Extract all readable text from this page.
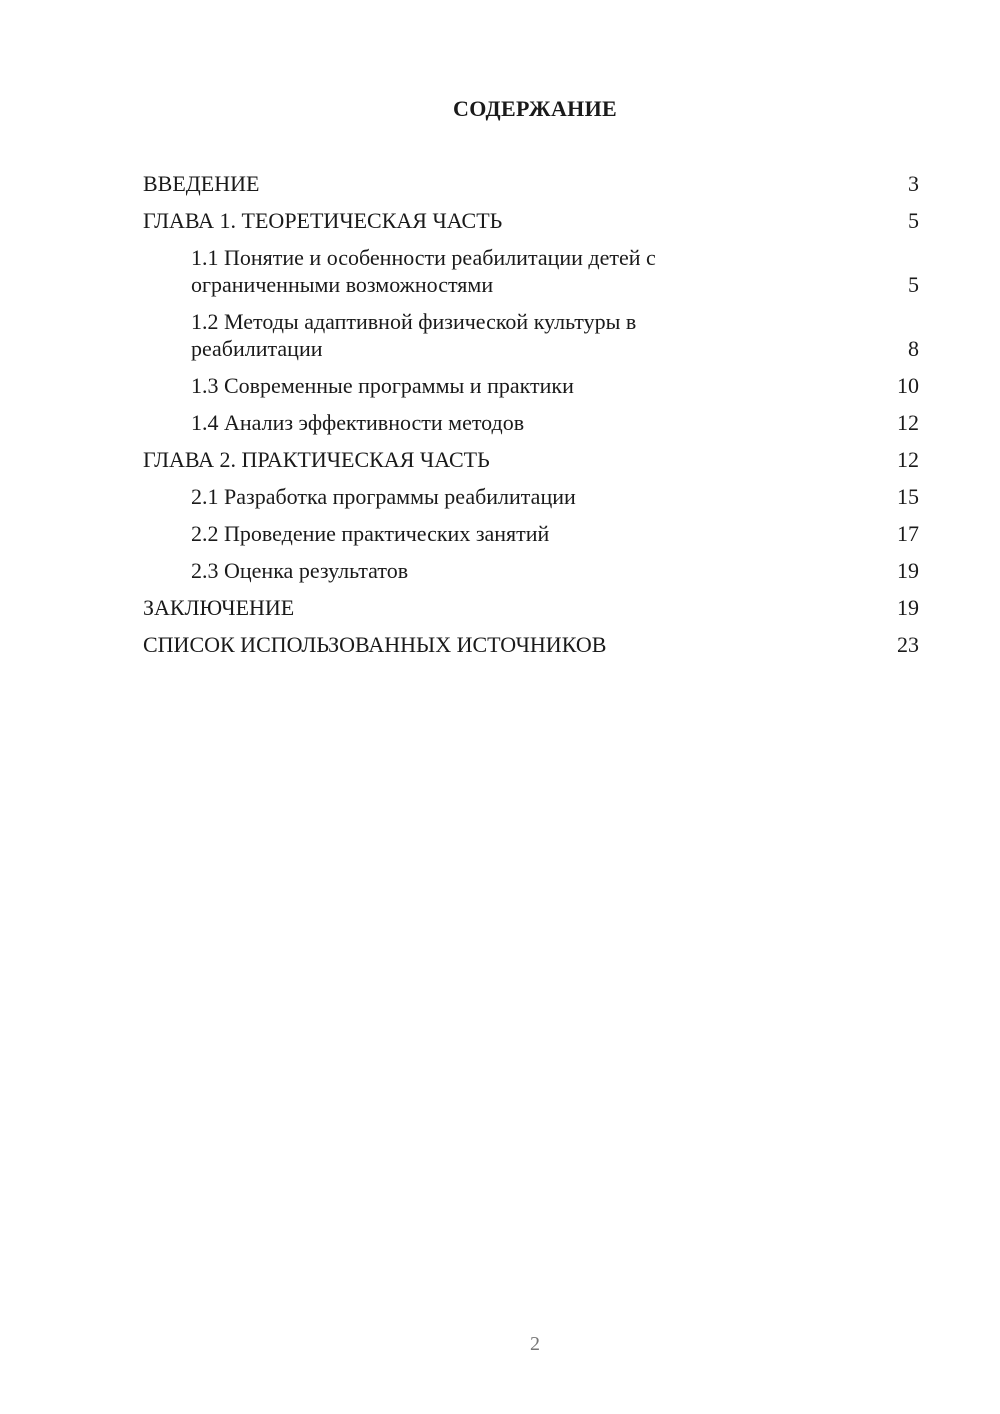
СОДЕРЖАНИЕ
ВВЕДЕНИЕ	3
ГЛАВА 1. ТЕОРЕТИЧЕСКАЯ ЧАСТЬ	5
1.1 Понятие и особенности реабилитации детей с ограниченными возможностями	5
1.2 Методы адаптивной физической культуры в реабилитации	8
1.3 Современные программы и практики	10
1.4 Анализ эффективности методов	12
ГЛАВА 2. ПРАКТИЧЕСКАЯ ЧАСТЬ	12
2.1 Разработка программы реабилитации	15
2.2 Проведение практических занятий	17
2.3 Оценка результатов	19
ЗАКЛЮЧЕНИЕ	19
СПИСОК ИСПОЛЬЗОВАННЫХ ИСТОЧНИКОВ	23
2
